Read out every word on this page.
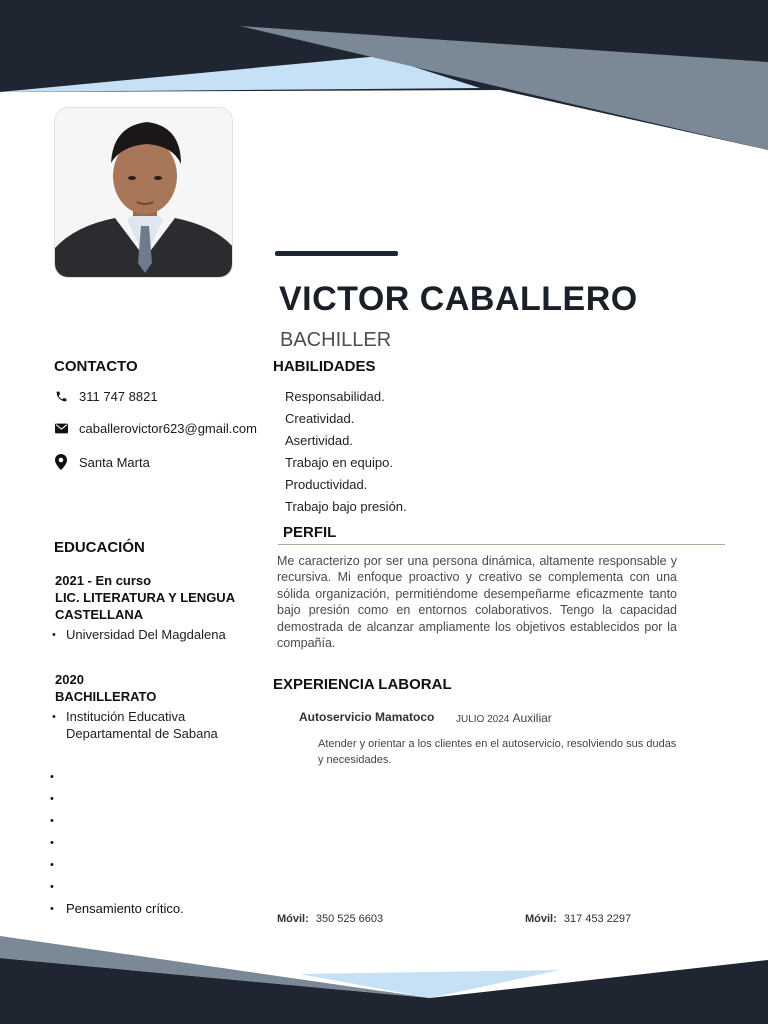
VICTOR CABALLERO
BACHILLER
CONTACTO
311 747 8821
caballerovictor623@gmail.com
Santa Marta
HABILIDADES
Responsabilidad.
Creatividad.
Asertividad.
Trabajo en equipo.
Productividad.
Trabajo bajo presión.
PERFIL
Me caracterizo por ser una persona dinámica, altamente responsable y recursiva. Mi enfoque proactivo y creativo se complementa con una sólida organización, permitiéndome desempeñarme eficazmente tanto bajo presión como en entornos colaborativos. Tengo la capacidad demostrada de alcanzar ampliamente los objetivos establecidos por la compañía.
EDUCACIÓN
2021 - En curso
LIC. LITERATURA Y LENGUA CASTELLANA
• Universidad Del Magdalena
2020
BACHILLERATO
• Institución Educativa Departamental de Sabana
•
•
•
•
•
•
• Pensamiento crítico.
EXPERIENCIA LABORAL
Autoservicio Mamatoco JULIO 2024 Auxiliar
Atender y orientar a los clientes en el autoservicio, resolviendo sus dudas y necesidades.
Móvil: 350 525 6603	Móvil: 317 453 2297
